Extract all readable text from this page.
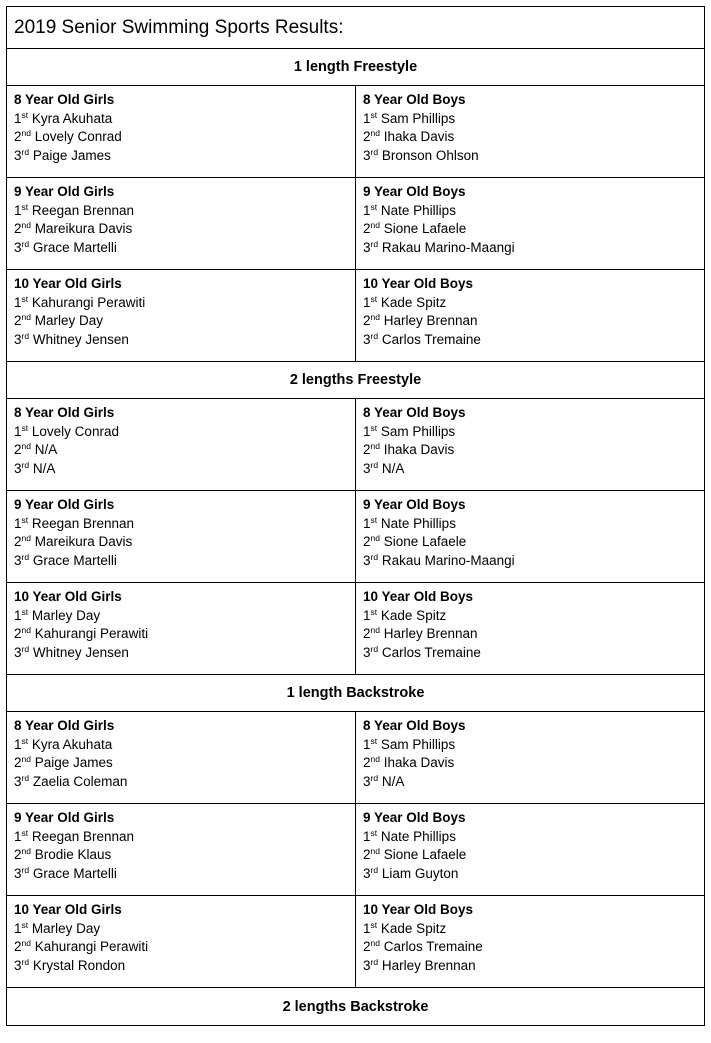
2019 Senior Swimming Sports Results:
1 length Freestyle
8 Year Old Girls
1st Kyra Akuhata
2nd Lovely Conrad
3rd Paige James
8 Year Old Boys
1st Sam Phillips
2nd Ihaka Davis
3rd Bronson Ohlson
9 Year Old Girls
1st Reegan Brennan
2nd Mareikura Davis
3rd Grace Martelli
9 Year Old Boys
1st Nate Phillips
2nd Sione Lafaele
3rd Rakau Marino-Maangi
10 Year Old Girls
1st Kahurangi Perawiti
2nd Marley Day
3rd Whitney Jensen
10 Year Old Boys
1st Kade Spitz
2nd Harley Brennan
3rd Carlos Tremaine
2 lengths Freestyle
8 Year Old Girls
1st Lovely Conrad
2nd N/A
3rd N/A
8 Year Old Boys
1st Sam Phillips
2nd Ihaka Davis
3rd N/A
9 Year Old Girls
1st Reegan Brennan
2nd Mareikura Davis
3rd Grace Martelli
9 Year Old Boys
1st Nate Phillips
2nd Sione Lafaele
3rd Rakau Marino-Maangi
10 Year Old Girls
1st Marley Day
2nd Kahurangi Perawiti
3rd Whitney Jensen
10 Year Old Boys
1st Kade Spitz
2nd Harley Brennan
3rd Carlos Tremaine
1 length Backstroke
8 Year Old Girls
1st Kyra Akuhata
2nd Paige James
3rd Zaelia Coleman
8 Year Old Boys
1st Sam Phillips
2nd Ihaka Davis
3rd N/A
9 Year Old Girls
1st Reegan Brennan
2nd Brodie Klaus
3rd Grace Martelli
9 Year Old Boys
1st Nate Phillips
2nd Sione Lafaele
3rd Liam Guyton
10 Year Old Girls
1st Marley Day
2nd Kahurangi Perawiti
3rd Krystal Rondon
10 Year Old Boys
1st Kade Spitz
2nd Carlos Tremaine
3rd Harley Brennan
2 lengths Backstroke
